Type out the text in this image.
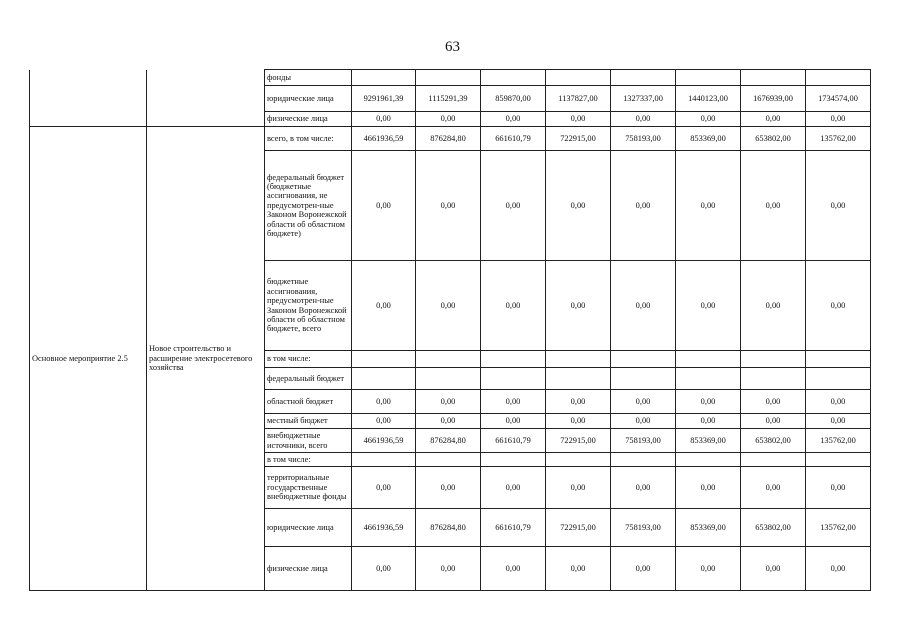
63
		фонды								
		юридические лица	9291961,39	1115291,39	859870,00	1137827,00	1327337,00	1440123,00	1676939,00	1734574,00
		физические лица	0,00	0,00	0,00	0,00	0,00	0,00	0,00	0,00
Основное мероприятие 2.5	Новое строительство и расширение электросетевого хозяйства	всего, в том числе:	4661936,59	876284,80	661610,79	722915,00	758193,00	853369,00	653802,00	135762,00
		федеральный бюджет (бюджетные ассигнования, не предусмотрен-ные Законом Воронежской области об областном бюджете)	0,00	0,00	0,00	0,00	0,00	0,00	0,00	0,00
		бюджетные ассигнования, предусмотрен-ные Законом Воронежской области об областном бюджете, всего	0,00	0,00	0,00	0,00	0,00	0,00	0,00	0,00
		в том числе:								
		федеральный бюджет								
		областной бюджет	0,00	0,00	0,00	0,00	0,00	0,00	0,00	0,00
		местный бюджет	0,00	0,00	0,00	0,00	0,00	0,00	0,00	0,00
		внебюджетные источники, всего	4661936,59	876284,80	661610,79	722915,00	758193,00	853369,00	653802,00	135762,00
		в том числе:								
		территориальные государственные внебюджетные фонды	0,00	0,00	0,00	0,00	0,00	0,00	0,00	0,00
		юридические лица	4661936,59	876284,80	661610,79	722915,00	758193,00	853369,00	653802,00	135762,00
		физические лица	0,00	0,00	0,00	0,00	0,00	0,00	0,00	0,00
